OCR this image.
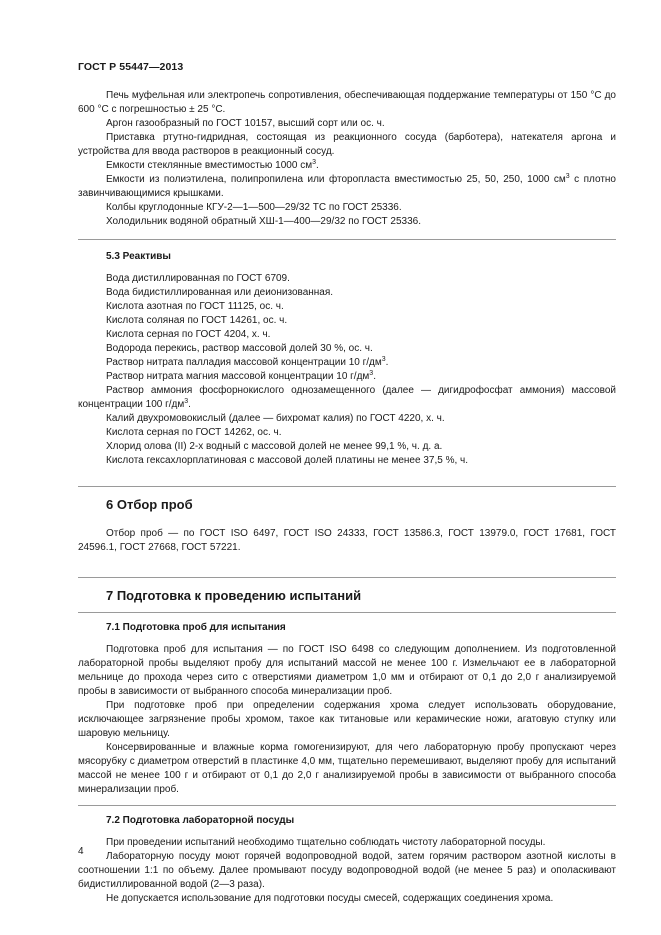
ГОСТ Р 55447—2013

Печь муфельная или электропечь сопротивления, обеспечивающая поддержание температуры от 150 °С до 600 °С с погрешностью ± 25 °С.

Аргон газообразный по ГОСТ 10157, высший сорт или ос. ч.

Приставка ртутно-гидридная, состоящая из реакционного сосуда (барботера), натекателя аргона и устройства для ввода растворов в реакционный сосуд.

Емкости стеклянные вместимостью 1000 $см^3$.

Емкости из полиэтилена, полипропилена или фторопласта вместимостью 25, 50, 250, 1000 $см^3$ с плотно завинчивающимися крышками.

Колбы круглодонные КГУ-2—1—500—29/32 ТС по ГОСТ 25336.

Холодильник водяной обратный ХШ-1—400—29/32 по ГОСТ 25336.

5.3 Реактивы

Вода дистиллированная по ГОСТ 6709.

Вода бидистиллированная или деионизованная.

Кислота азотная по ГОСТ 11125, ос. ч.

Кислота соляная по ГОСТ 14261, ос. ч.

Кислота серная по ГОСТ 4204, х. ч.

Водорода перекись, раствор массовой долей 30 %, ос. ч.

Раствор нитрата палладия массовой концентрации 10 $г/дм^3$.

Раствор нитрата магния массовой концентрации 10 $г/дм^3$.

Раствор аммония фосфорнокислого однозамещенного (далее — дигидрофосфат аммония) массовой концентрации 100 $г/дм^3$.

Калий двухромовокислый (далее — бихромат калия) по ГОСТ 4220, х. ч.

Кислота серная по ГОСТ 14262, ос. ч.

Хлорид олова (II) 2-х водный с массовой долей не менее 99,1 %, ч. д. а.

Кислота гексахлорплатиновая с массовой долей платины не менее 37,5 %, ч.

6 Отбор проб

Отбор проб — по ГОСТ ISO 6497, ГОСТ ISO 24333, ГОСТ 13586.3, ГОСТ 13979.0, ГОСТ 17681, ГОСТ 24596.1, ГОСТ 27668, ГОСТ 57221.

7 Подготовка к проведению испытаний

7.1 Подготовка проб для испытания

Подготовка проб для испытания — по ГОСТ ISO 6498 со следующим дополнением. Из подготовленной лабораторной пробы выделяют пробу для испытаний массой не менее 100 г. Измельчают ее в лабораторной мельнице до прохода через сито с отверстиями диаметром 1,0 мм и отбирают от 0,1 до 2,0 г анализируемой пробы в зависимости от выбранного способа минерализации проб.

При подготовке проб при определении содержания хрома следует использовать оборудование, исключающее загрязнение пробы хромом, такое как титановые или керамические ножи, агатовую ступку или шаровую мельницу.

Консервированные и влажные корма гомогенизируют, для чего лабораторную пробу пропускают через мясорубку с диаметром отверстий в пластинке 4,0 мм, тщательно перемешивают, выделяют пробу для испытаний массой не менее 100 г и отбирают от 0,1 до 2,0 г анализируемой пробы в зависимости от выбранного способа минерализации проб.

7.2 Подготовка лабораторной посуды

При проведении испытаний необходимо тщательно соблюдать чистоту лабораторной посуды.

Лабораторную посуду моют горячей водопроводной водой, затем горячим раствором азотной кислоты в соотношении 1:1 по объему. Далее промывают посуду водопроводной водой (не менее 5 раз) и ополаскивают бидистиллированной водой (2—3 раза).

Не допускается использование для подготовки посуды смесей, содержащих соединения хрома.

4
